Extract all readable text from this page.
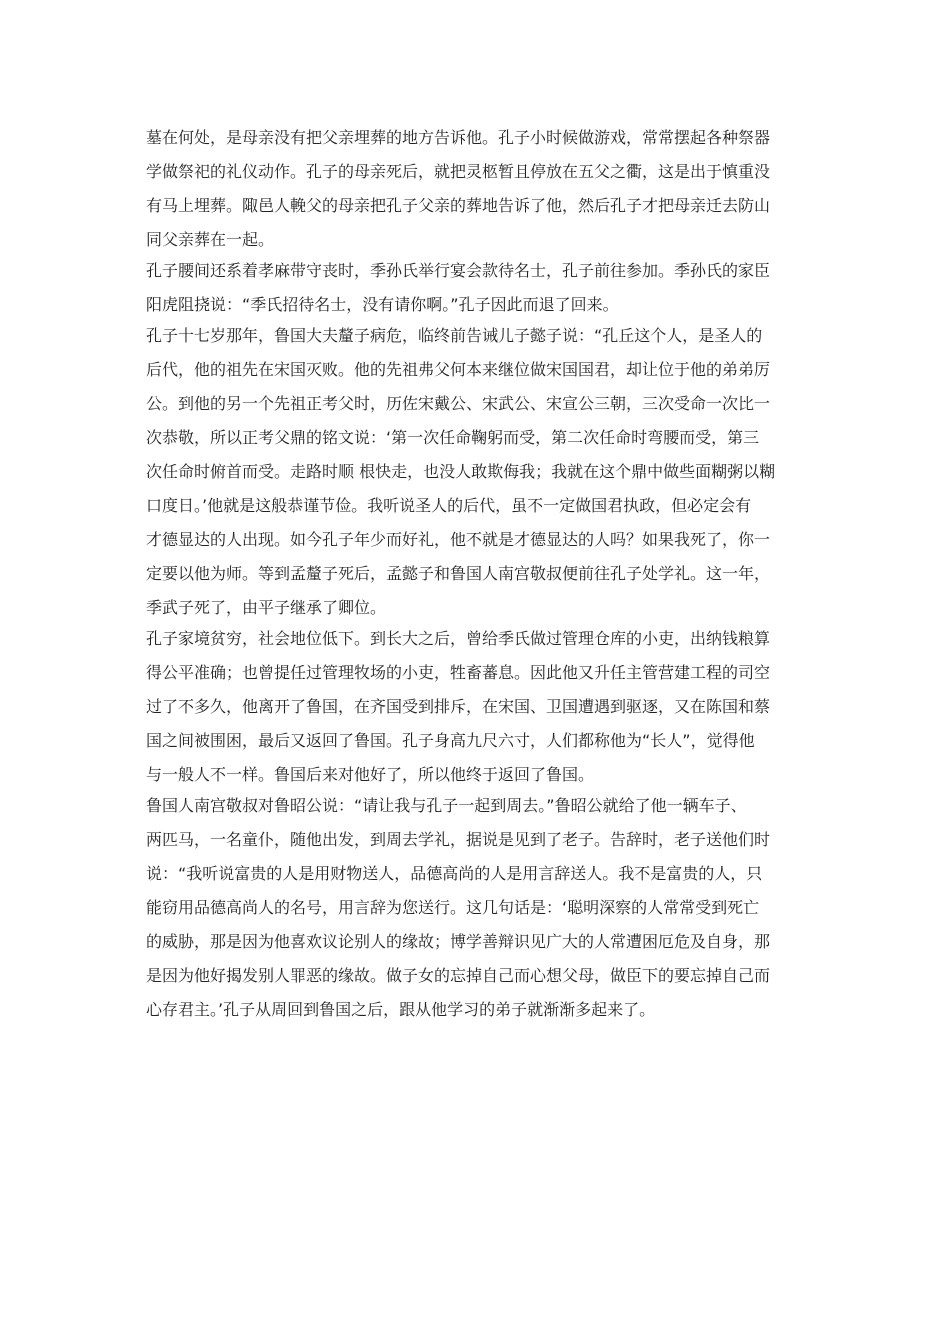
墓在何处，是母亲没有把父亲埋葬的地方告诉他。孔子小时候做游戏，常常摆起各种祭器
学做祭祀的礼仪动作。孔子的母亲死后，就把灵柩暂且停放在五父之衢，这是出于慎重没
有马上埋葬。陬邑人輓父的母亲把孔子父亲的葬地告诉了他，然后孔子才把母亲迁去防山
同父亲葬在一起。

孔子腰间还系着孝麻带守丧时，季孙氏举行宴会款待名士，孔子前往参加。季孙氏的家臣
阳虎阻挠说：“季氏招待名士，没有请你啊。”孔子因此而退了回来。

孔子十七岁那年，鲁国大夫釐子病危，临终前告诫儿子懿子说：“孔丘这个人，是圣人的
后代，他的祖先在宋国灭败。他的先祖弗父何本来继位做宋国国君，却让位于他的弟弟厉
公。到他的另一个先祖正考父时，历佐宋戴公、宋武公、宋宣公三朝，三次受命一次比一
次恭敬，所以正考父鼎的铭文说：‘第一次任命鞠躬而受，第二次任命时弯腰而受，第三
次任命时俯首而受。走路时顺 根快走，也没人敢欺侮我；我就在这个鼎中做些面糊粥以糊
口度日。’他就是这般恭谨节俭。我听说圣人的后代，虽不一定做国君执政，但必定会有
才德显达的人出现。如今孔子年少而好礼，他不就是才德显达的人吗？如果我死了，你一
定要以他为师。等到孟釐子死后，孟懿子和鲁国人南宫敬叔便前往孔子处学礼。这一年，
季武子死了，由平子继承了卿位。

孔子家境贫穷，社会地位低下。到长大之后，曾给季氏做过管理仓库的小吏，出纳钱粮算
得公平准确；也曾提任过管理牧场的小吏，牲畜蕃息。因此他又升任主管营建工程的司空
过了不多久，他离开了鲁国，在齐国受到排斥，在宋国、卫国遭遇到驱逐，又在陈国和蔡
国之间被围困，最后又返回了鲁国。孔子身高九尺六寸，人们都称他为“长人”，觉得他
与一般人不一样。鲁国后来对他好了，所以他终于返回了鲁国。

鲁国人南宫敬叔对鲁昭公说：“请让我与孔子一起到周去。”鲁昭公就给了他一辆车子、
两匹马，一名童仆，随他出发，到周去学礼，据说是见到了老子。告辞时，老子送他们时
说：“我听说富贵的人是用财物送人，品德高尚的人是用言辞送人。我不是富贵的人，只
能窃用品德高尚人的名号，用言辞为您送行。这几句话是：‘聪明深察的人常常受到死亡
的威胁，那是因为他喜欢议论别人的缘故；博学善辩识见广大的人常遭困厄危及自身，那
是因为他好揭发别人罪恶的缘故。做子女的忘掉自己而心想父母，做臣下的要忘掉自己而
心存君主。’孔子从周回到鲁国之后，跟从他学习的弟子就渐渐多起来了。
